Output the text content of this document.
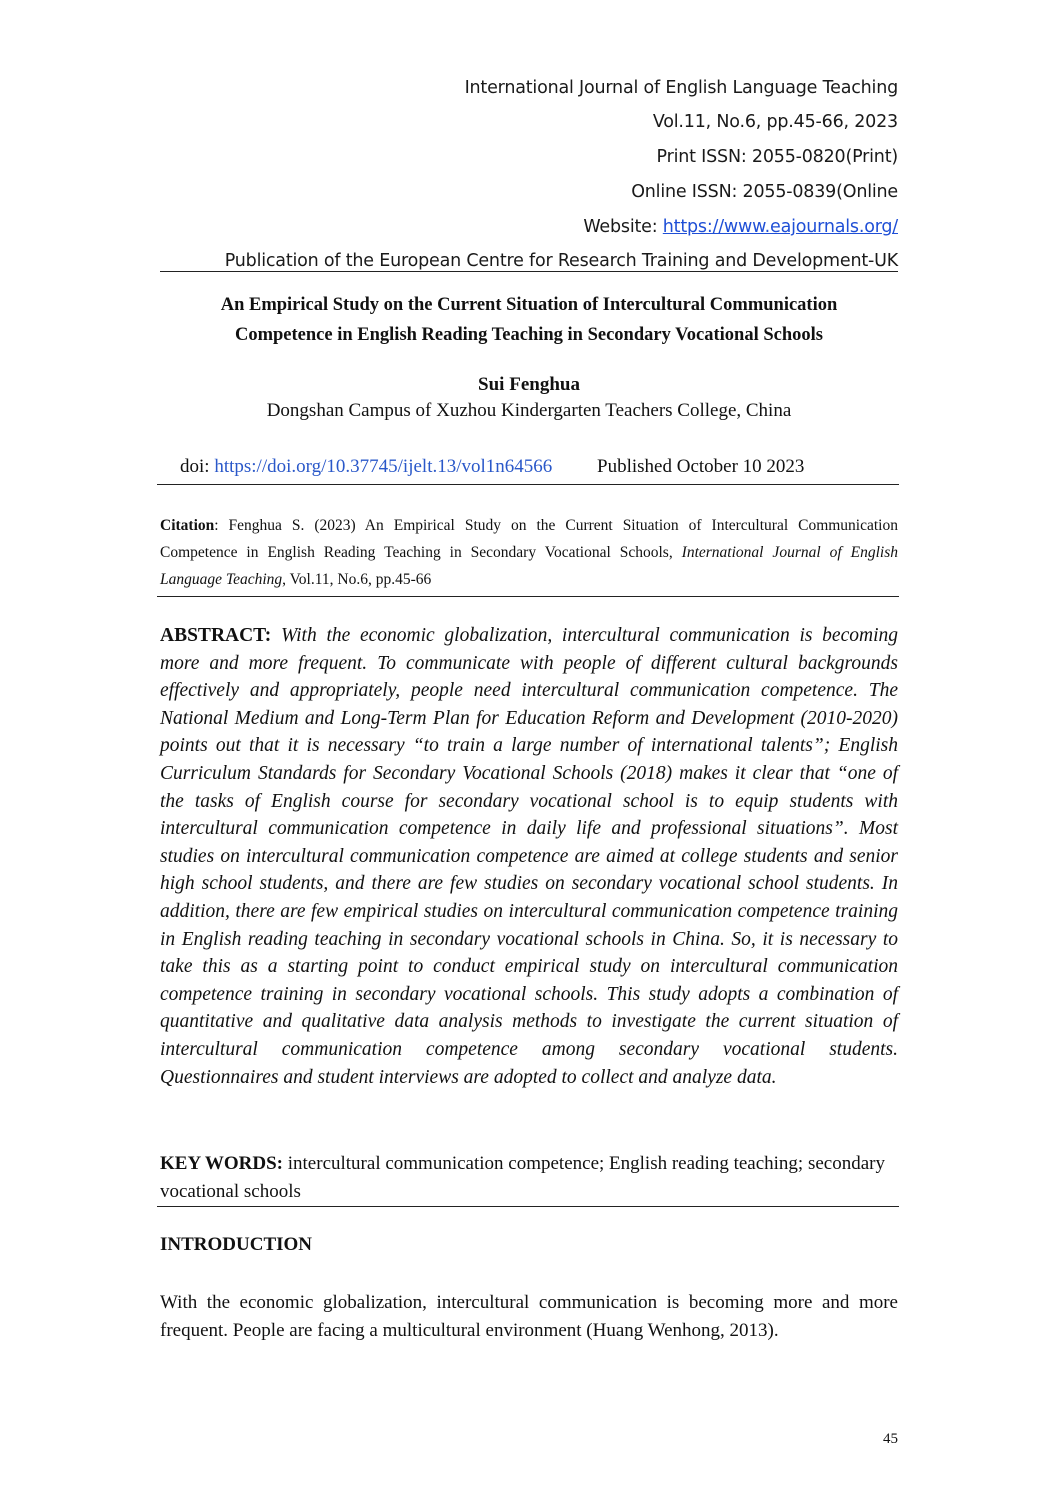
International Journal of English Language Teaching
Vol.11, No.6, pp.45-66, 2023
Print ISSN: 2055-0820(Print)
Online ISSN: 2055-0839(Online
Website: https://www.eajournals.org/
Publication of the European Centre for Research Training and Development-UK
An Empirical Study on the Current Situation of Intercultural Communication
Competence in English Reading Teaching in Secondary Vocational Schools
Sui Fenghua
Dongshan Campus of Xuzhou Kindergarten Teachers College, China
doi: https://doi.org/10.37745/ijelt.13/vol1n64566 Published October 10 2023
Citation: Fenghua S. (2023) An Empirical Study on the Current Situation of Intercultural Communication Competence in English Reading Teaching in Secondary Vocational Schools, International Journal of English Language Teaching, Vol.11, No.6, pp.45-66
ABSTRACT: With the economic globalization, intercultural communication is becoming more and more frequent. To communicate with people of different cultural backgrounds effectively and appropriately, people need intercultural communication competence. The National Medium and Long-Term Plan for Education Reform and Development (2010-2020) points out that it is necessary “to train a large number of international talents”; English Curriculum Standards for Secondary Vocational Schools (2018) makes it clear that “one of the tasks of English course for secondary vocational school is to equip students with intercultural communication competence in daily life and professional situations”. Most studies on intercultural communication competence are aimed at college students and senior high school students, and there are few studies on secondary vocational school students. In addition, there are few empirical studies on intercultural communication competence training in English reading teaching in secondary vocational schools in China. So, it is necessary to take this as a starting point to conduct empirical study on intercultural communication competence training in secondary vocational schools. This study adopts a combination of quantitative and qualitative data analysis methods to investigate the current situation of intercultural communication competence among secondary vocational students. Questionnaires and student interviews are adopted to collect and analyze data.
KEY WORDS: intercultural communication competence; English reading teaching; secondary vocational schools
INTRODUCTION
With the economic globalization, intercultural communication is becoming more and more frequent. People are facing a multicultural environment (Huang Wenhong, 2013).
45
